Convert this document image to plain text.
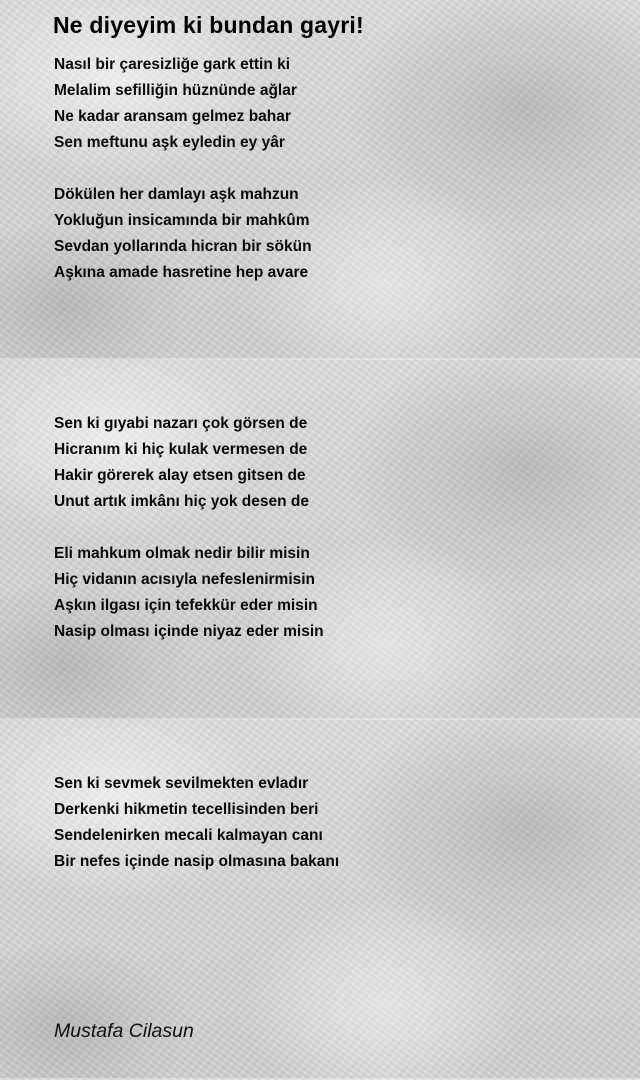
Ne diyeyim ki bundan gayri!
Nasıl bir çaresizliğe gark ettin ki
Melalim sefilliğin hüznünde ağlar
Ne kadar aransam gelmez bahar
Sen meftunu aşk eyledin ey yâr
Dökülen her damlayı aşk mahzun
Yokluğun insicamında bir mahkûm
Sevdan yollarında hicran bir sökün
Aşkına amade hasretine hep avare
Sen ki gıyabi nazarı çok görsen de
Hicranım ki hiç kulak vermesen de
Hakir görerek alay etsen gitsen de
Unut artık imkânı hiç yok desen de
Eli mahkum olmak nedir bilir misin
Hiç vidanın acısıyla nefeslenirmisin
Aşkın ilgası için tefekkür eder misin
Nasip olması içinde niyaz eder misin
Sen ki sevmek sevilmekten evladır
Derkenki hikmetin tecellisinden beri
Sendelenirken mecali kalmayan canı
Bir nefes içinde nasip olmasına bakanı

Mustafa Cilasun
